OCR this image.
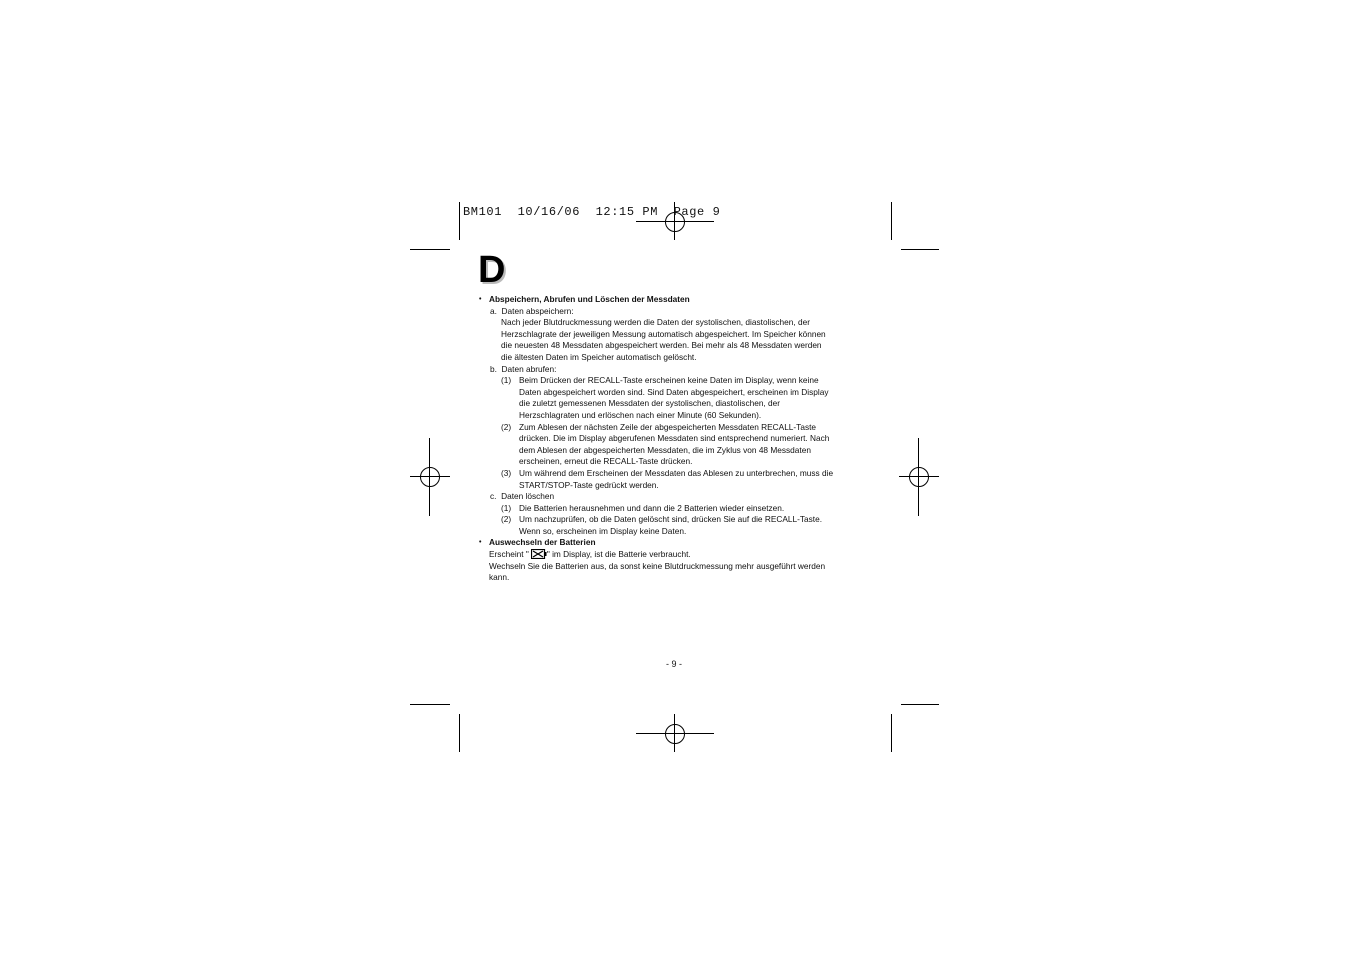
BM101  10/16/06  12:15 PM  Page 9
D
• Abspeichern, Abrufen und Löschen der Messdaten
a. Daten abspeichern:
Nach jeder Blutdruckmessung werden die Daten der systolischen, diastolischen, der
Herzschlagrate der jeweiligen Messung automatisch abgespeichert. Im Speicher können
die neuesten 48 Messdaten abgespeichert werden. Bei mehr als 48 Messdaten werden
die ältesten Daten im Speicher automatisch gelöscht.
b. Daten abrufen:
(1) Beim Drücken der RECALL-Taste erscheinen keine Daten im Display, wenn keine
Daten abgespeichert worden sind. Sind Daten abgespeichert, erscheinen im Display
die zuletzt gemessenen Messdaten der systolischen, diastolischen, der
Herzschlagraten und erlöschen nach einer Minute (60 Sekunden).
(2) Zum Ablesen der nächsten Zeile der abgespeicherten Messdaten RECALL-Taste
drücken. Die im Display abgerufenen Messdaten sind entsprechend numeriert. Nach
dem Ablesen der abgespeicherten Messdaten, die im Zyklus von 48 Messdaten
erscheinen, erneut die RECALL-Taste drücken.
(3) Um während dem Erscheinen der Messdaten das Ablesen zu unterbrechen, muss die
START/STOP-Taste gedrückt werden.
c. Daten löschen
(1) Die Batterien herausnehmen und dann die 2 Batterien wieder einsetzen.
(2) Um nachzuprüfen, ob die Daten gelöscht sind, drücken Sie auf die RECALL-Taste.
Wenn so, erscheinen im Display keine Daten.
• Auswechseln der Batterien
Erscheint " " im Display, ist die Batterie verbraucht.
Wechseln Sie die Batterien aus, da sonst keine Blutdruckmessung mehr ausgeführt werden
kann.
- 9 -
